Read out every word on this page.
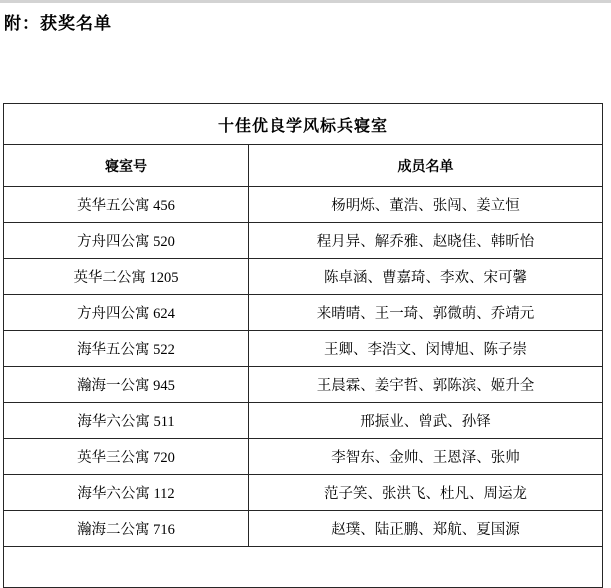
附：获奖名单
十佳优良学风标兵寝室	
寝室号	成员名单
英华五公寓 456	杨明烁、董浩、张闯、姜立恒
方舟四公寓 520	程月异、解乔雅、赵晓佳、韩昕怡
英华二公寓 1205	陈卓涵、曹嘉琦、李欢、宋可馨
方舟四公寓 624	来晴晴、王一琦、郭微萌、乔靖元
海华五公寓 522	王卿、李浩文、闵博旭、陈子崇
瀚海一公寓 945	王晨霖、姜宇哲、郭陈滨、姬升全
海华六公寓 511	邢振业、曾武、孙铎
英华三公寓 720	李智东、金帅、王恩泽、张帅
海华六公寓 112	范子笑、张洪飞、杜凡、周运龙
瀚海二公寓 716	赵璞、陆正鹏、郑航、夏国源
